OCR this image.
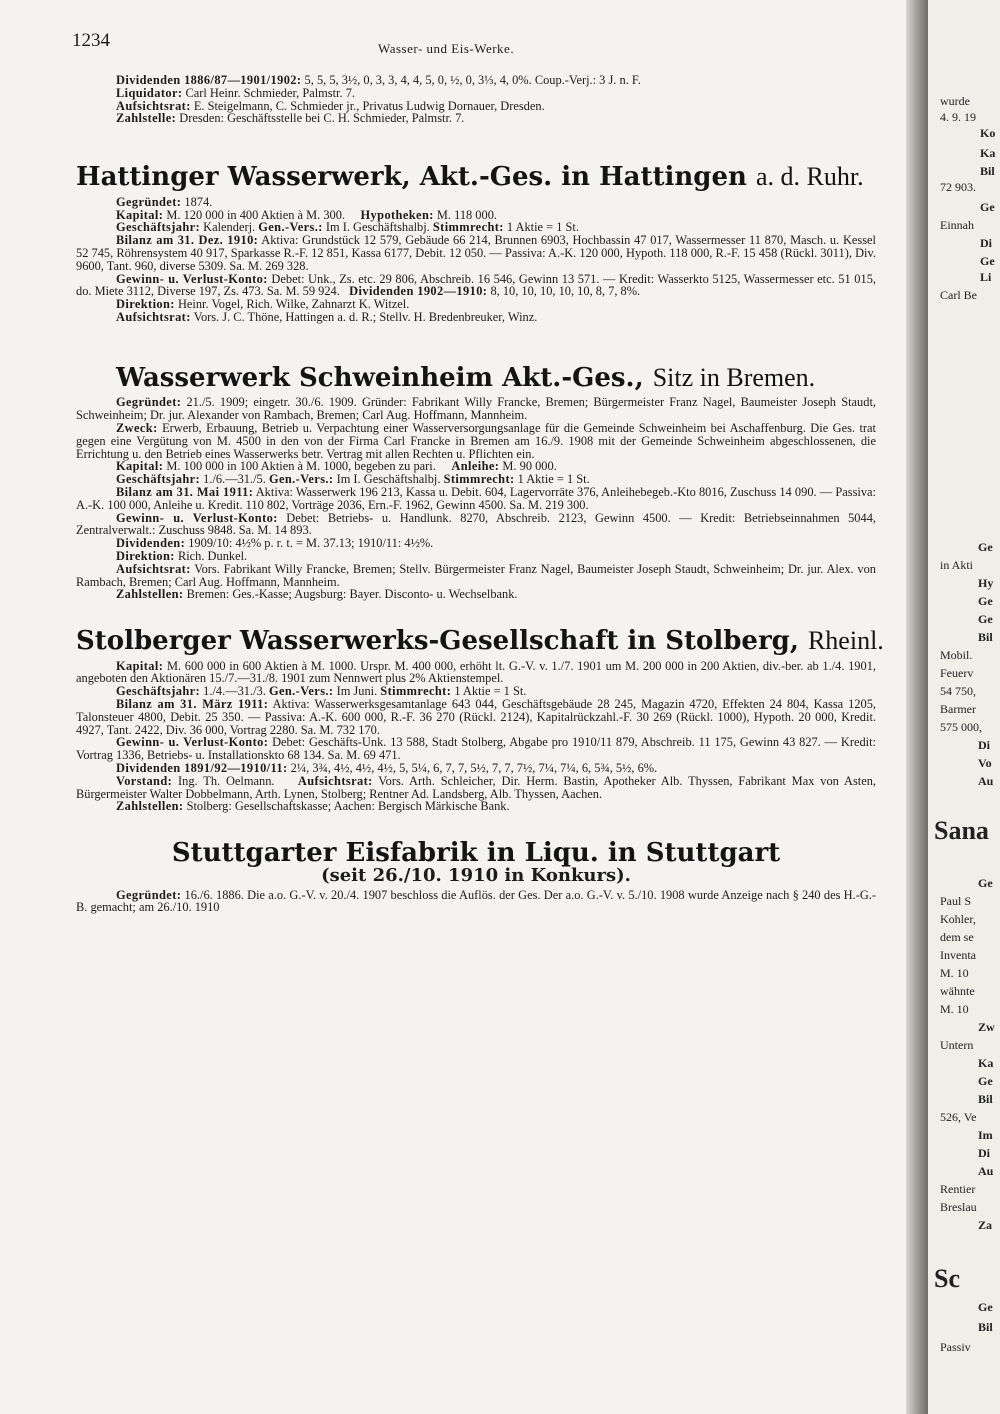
1234	Wasser- und Eis-Werke.

Dividenden 1886/87—1901/1902: 5, 5, 5, 3½, 0, 3, 3, 4, 4, 5, 0, ½, 0, 3⅓, 4, 0%. Coup.-Verj.: 3 J. n. F.

Liquidator: Carl Heinr. Schmieder, Palmstr. 7.

Aufsichtsrat: E. Steigelmann, C. Schmieder jr., Privatus Ludwig Dornauer, Dresden.

Zahlstelle: Dresden: Geschäftsstelle bei C. H. Schmieder, Palmstr. 7.

Hattinger Wasserwerk, Akt.-Ges. in Hattingen a. d. Ruhr.

Gegründet: 1874.

Kapital: M. 120 000 in 400 Aktien à M. 300. Hypotheken: M. 118 000.

Geschäftsjahr: Kalenderj. Gen.-Vers.: Im I. Geschäftshalbj. Stimmrecht: 1 Aktie = 1 St.

Bilanz am 31. Dez. 1910: Aktiva: Grundstück 12 579, Gebäude 66 214, Brunnen 6903, Hochbassin 47 017, Wassermesser 11 870, Masch. u. Kessel 52 745, Röhrensystem 40 917, Sparkasse R.-F. 12 851, Kassa 6177, Debit. 12 050. — Passiva: A.-K. 120 000, Hypoth. 118 000, R.-F. 15 458 (Rückl. 3011), Div. 9600, Tant. 960, diverse 5309. Sa. M. 269 328.

Gewinn- u. Verlust-Konto: Debet: Unk., Zs. etc. 29 806, Abschreib. 16 546, Gewinn 13 571. — Kredit: Wasserkto 5125, Wassermesser etc. 51 015, do. Miete 3112, Diverse 197, Zs. 473. Sa. M. 59 924. Dividenden 1902—1910: 8, 10, 10, 10, 10, 10, 8, 7, 8%.

Direktion: Heinr. Vogel, Rich. Wilke, Zahnarzt K. Witzel.

Aufsichtsrat: Vors. J. C. Thöne, Hattingen a. d. R.; Stellv. H. Bredenbreuker, Winz.

Wasserwerk Schweinheim Akt.-Ges., Sitz in Bremen.

Gegründet: 21./5. 1909; eingetr. 30./6. 1909. Gründer: Fabrikant Willy Francke, Bremen; Bürgermeister Franz Nagel, Baumeister Joseph Staudt, Schweinheim; Dr. jur. Alexander von Rambach, Bremen; Carl Aug. Hoffmann, Mannheim.

Zweck: Erwerb, Erbauung, Betrieb u. Verpachtung einer Wasserversorgungsanlage für die Gemeinde Schweinheim bei Aschaffenburg. Die Ges. trat gegen eine Vergütung von M. 4500 in den von der Firma Carl Francke in Bremen am 16./9. 1908 mit der Gemeinde Schweinheim abgeschlossenen, die Errichtung u. den Betrieb eines Wasserwerks betr. Vertrag mit allen Rechten u. Pflichten ein.

Kapital: M. 100 000 in 100 Aktien à M. 1000, begeben zu pari. Anleihe: M. 90 000.

Geschäftsjahr: 1./6.—31./5. Gen.-Vers.: Im I. Geschäftshalbj. Stimmrecht: 1 Aktie = 1 St.

Bilanz am 31. Mai 1911: Aktiva: Wasserwerk 196 213, Kassa u. Debit. 604, Lagervorräte 376, Anleihebegeb.-Kto 8016, Zuschuss 14 090. — Passiva: A.-K. 100 000, Anleihe u. Kredit. 110 802, Vorträge 2036, Ern.-F. 1962, Gewinn 4500. Sa. M. 219 300.

Gewinn- u. Verlust-Konto: Debet: Betriebs- u. Handlunk. 8270, Abschreib. 2123, Gewinn 4500. — Kredit: Betriebseinnahmen 5044, Zentralverwalt.: Zuschuss 9848. Sa. M. 14 893.

Dividenden: 1909/10: 4½% p. r. t. = M. 37.13; 1910/11: 4½%.

Direktion: Rich. Dunkel.

Aufsichtsrat: Vors. Fabrikant Willy Francke, Bremen; Stellv. Bürgermeister Franz Nagel, Baumeister Joseph Staudt, Schweinheim; Dr. jur. Alex. von Rambach, Bremen; Carl Aug. Hoffmann, Mannheim.

Zahlstellen: Bremen: Ges.-Kasse; Augsburg: Bayer. Disconto- u. Wechselbank.

Stolberger Wasserwerks-Gesellschaft in Stolberg, Rheinl.

Kapital: M. 600 000 in 600 Aktien à M. 1000. Urspr. M. 400 000, erhöht lt. G.-V. v. 1./7. 1901 um M. 200 000 in 200 Aktien, div.-ber. ab 1./4. 1901, angeboten den Aktionären 15./7.—31./8. 1901 zum Nennwert plus 2% Aktienstempel.

Geschäftsjahr: 1./4.—31./3. Gen.-Vers.: Im Juni. Stimmrecht: 1 Aktie = 1 St.

Bilanz am 31. März 1911: Aktiva: Wasserwerksgesamtanlage 643 044, Geschäftsgebäude 28 245, Magazin 4720, Effekten 24 804, Kassa 1205, Talonsteuer 4800, Debit. 25 350. — Passiva: A.-K. 600 000, R.-F. 36 270 (Rückl. 2124), Kapitalrückzahl.-F. 30 269 (Rückl. 1000), Hypoth. 20 000, Kredit. 4927, Tant. 2422, Div. 36 000, Vortrag 2280. Sa. M. 732 170.

Gewinn- u. Verlust-Konto: Debet: Geschäfts-Unk. 13 588, Stadt Stolberg, Abgabe pro 1910/11 879, Abschreib. 11 175, Gewinn 43 827. — Kredit: Vortrag 1336, Betriebs- u. Installationskto 68 134. Sa. M. 69 471.

Dividenden 1891/92—1910/11: 2¼, 3¾, 4½, 4½, 4½, 5, 5¼, 6, 7, 7, 5½, 7, 7, 7½, 7¼, 7¼, 6, 5¾, 5½, 6%.

Vorstand: Ing. Th. Oelmann. Aufsichtsrat: Vors. Arth. Schleicher, Dir. Herm. Bastin, Apotheker Alb. Thyssen, Fabrikant Max von Asten, Bürgermeister Walter Dobbelmann, Arth. Lynen, Stolberg; Rentner Ad. Landsberg, Alb. Thyssen, Aachen.

Zahlstellen: Stolberg: Gesellschaftskasse; Aachen: Bergisch Märkische Bank.

Stuttgarter Eisfabrik in Liqu. in Stuttgart
(seit 26./10. 1910 in Konkurs).

Gegründet: 16./6. 1886. Die a.o. G.-V. v. 20./4. 1907 beschloss die Auflös. der Ges. Der a.o. G.-V. v. 5./10. 1908 wurde Anzeige nach § 240 des H.-G.-B. gemacht; am 26./10. 1910

wurde
4. 9. 19
Ko
Ka
Bil
72 903.
Ge
Einnah
Di
Ge
Li
Carl Be
Ge
in Akti
Hy
Ge
Ge
Bil
Mobil.
Feuerv
54 750,
Barmer
575 000,
Di
Vo
Au
Sana
Ge
Paul S
Kohler,
dem se
Inventa
M. 10
wähnte
M. 10
Zw
Untern
Ka
Ge
Bil
526, Ve
Im
Di
Au
Rentier
Breslau
Za
Sc
Ge
Bil
Passiv
